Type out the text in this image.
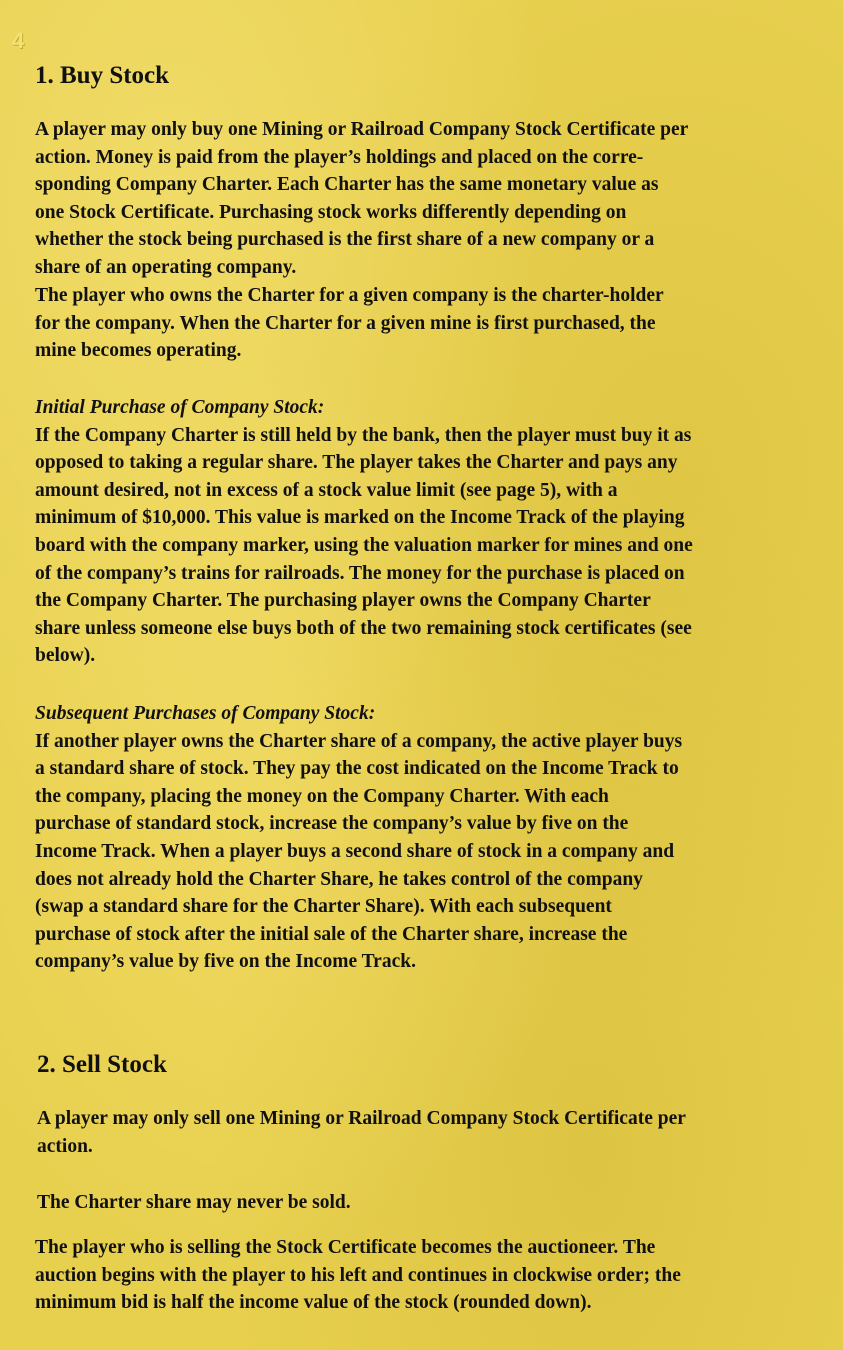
4
1. Buy Stock

A player may only buy one Mining or Railroad Company Stock Certificate per

action. Money is paid from the player’s holdings and placed on the corre-

sponding Company Charter. Each Charter has the same monetary value as

one Stock Certificate. Purchasing stock works differently depending on

whether the stock being purchased is the first share of a new company or a

share of an operating company.

The player who owns the Charter for a given company is the charter-holder

for the company. When the Charter for a given mine is first purchased, the

mine becomes operating.

Initial Purchase of Company Stock:

If the Company Charter is still held by the bank, then the player must buy it as

opposed to taking a regular share. The player takes the Charter and pays any

amount desired, not in excess of a stock value limit (see page 5), with a

minimum of $10,000. This value is marked on the Income Track of the playing

board with the company marker, using the valuation marker for mines and one

of the company’s trains for railroads. The money for the purchase is placed on

the Company Charter. The purchasing player owns the Company Charter

share unless someone else buys both of the two remaining stock certificates (see

below).

Subsequent Purchases of Company Stock:

If another player owns the Charter share of a company, the active player buys

a standard share of stock. They pay the cost indicated on the Income Track to

the company, placing the money on the Company Charter. With each

purchase of standard stock, increase the company’s value by five on the

Income Track. When a player buys a second share of stock in a company and

does not already hold the Charter Share, he takes control of the company

(swap a standard share for the Charter Share). With each subsequent

purchase of stock after the initial sale of the Charter share, increase the

company’s value by five on the Income Track.

2. Sell Stock

A player may only sell one Mining or Railroad Company Stock Certificate per

action.

The Charter share may never be sold.

The player who is selling the Stock Certificate becomes the auctioneer. The

auction begins with the player to his left and continues in clockwise order; the

minimum bid is half the income value of the stock (rounded down).
